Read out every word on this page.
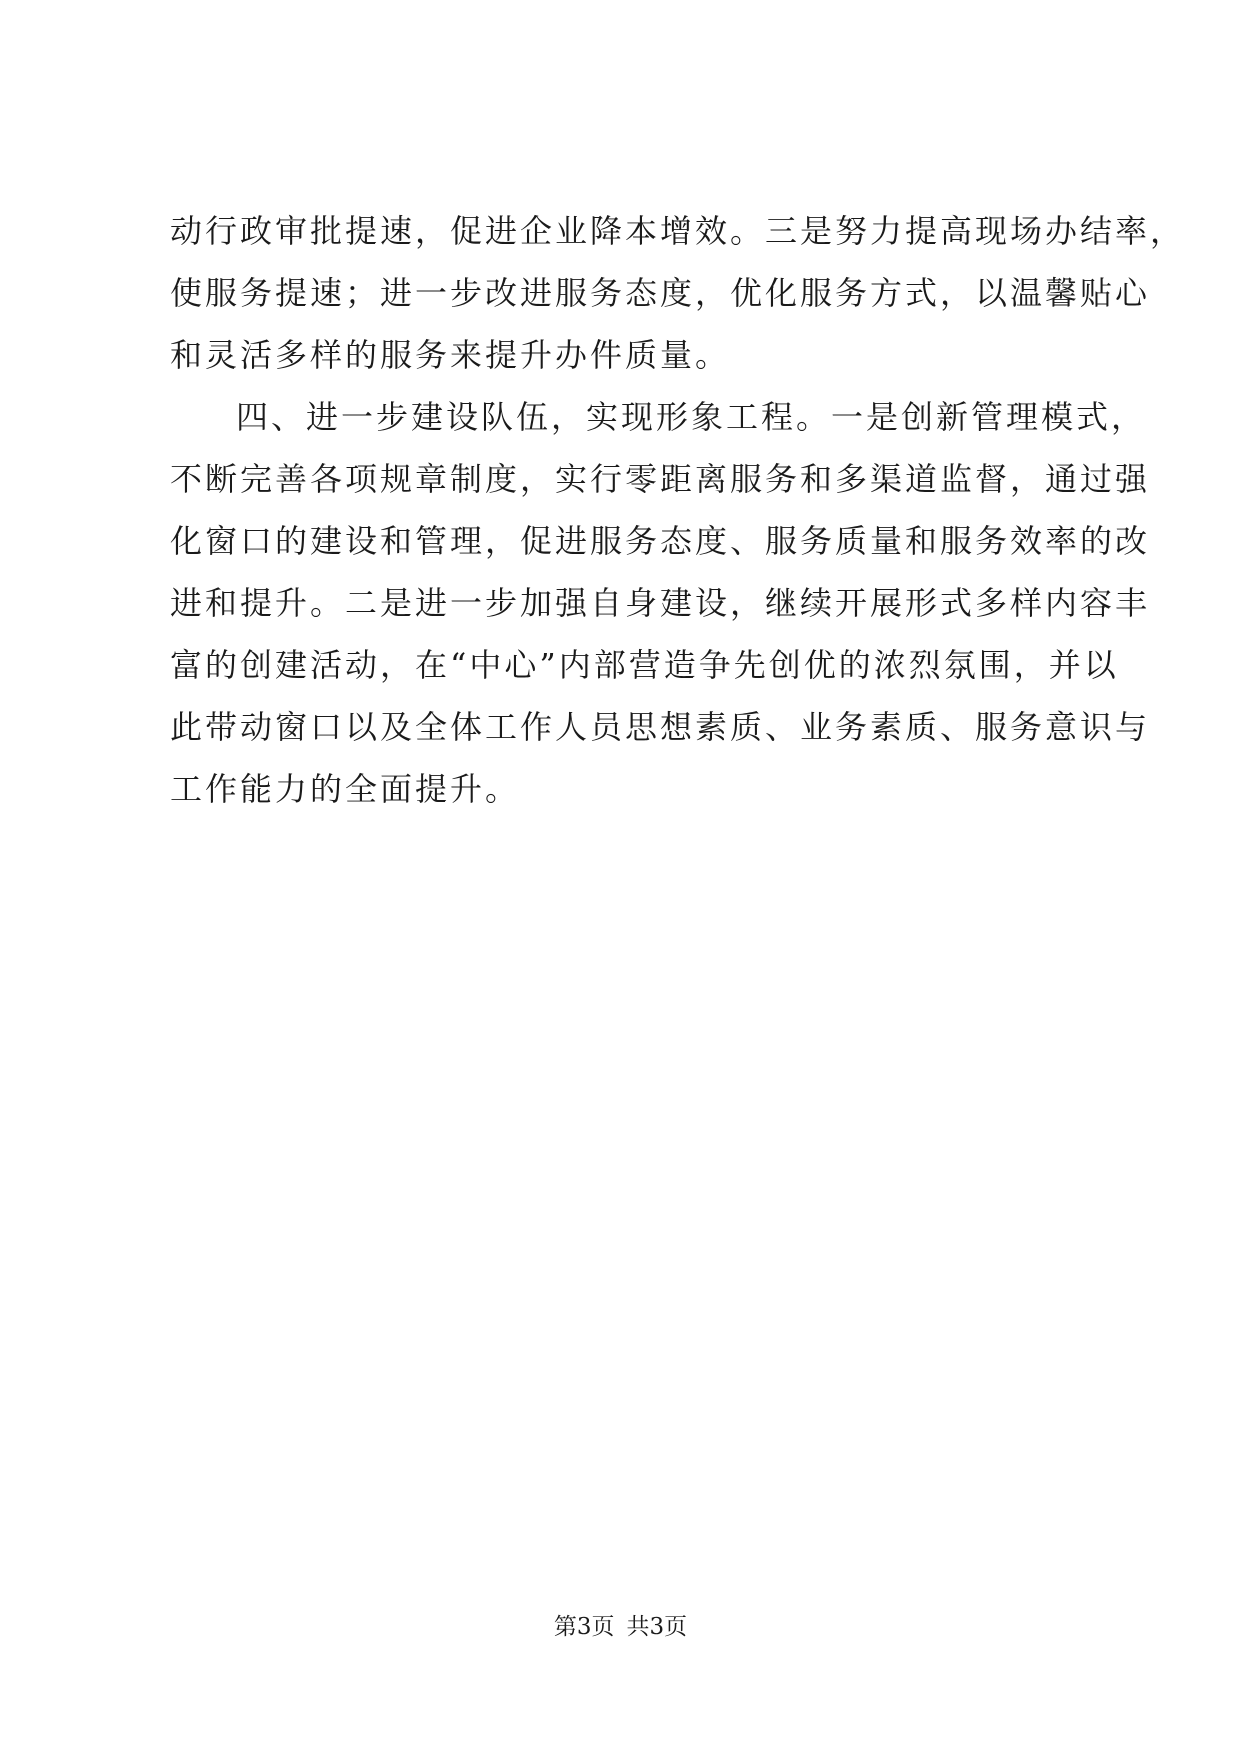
动行政审批提速，促进企业降本增效。三是努力提高现场办结率，
使服务提速；进一步改进服务态度，优化服务方式，以温馨贴心
和灵活多样的服务来提升办件质量。
四、进一步建设队伍，实现形象工程。一是创新管理模式，
不断完善各项规章制度，实行零距离服务和多渠道监督，通过强
化窗口的建设和管理，促进服务态度、服务质量和服务效率的改
进和提升。二是进一步加强自身建设，继续开展形式多样内容丰
富的创建活动，在“中心”内部营造争先创优的浓烈氛围，并以
此带动窗口以及全体工作人员思想素质、业务素质、服务意识与
工作能力的全面提升。
第3页 共3页
